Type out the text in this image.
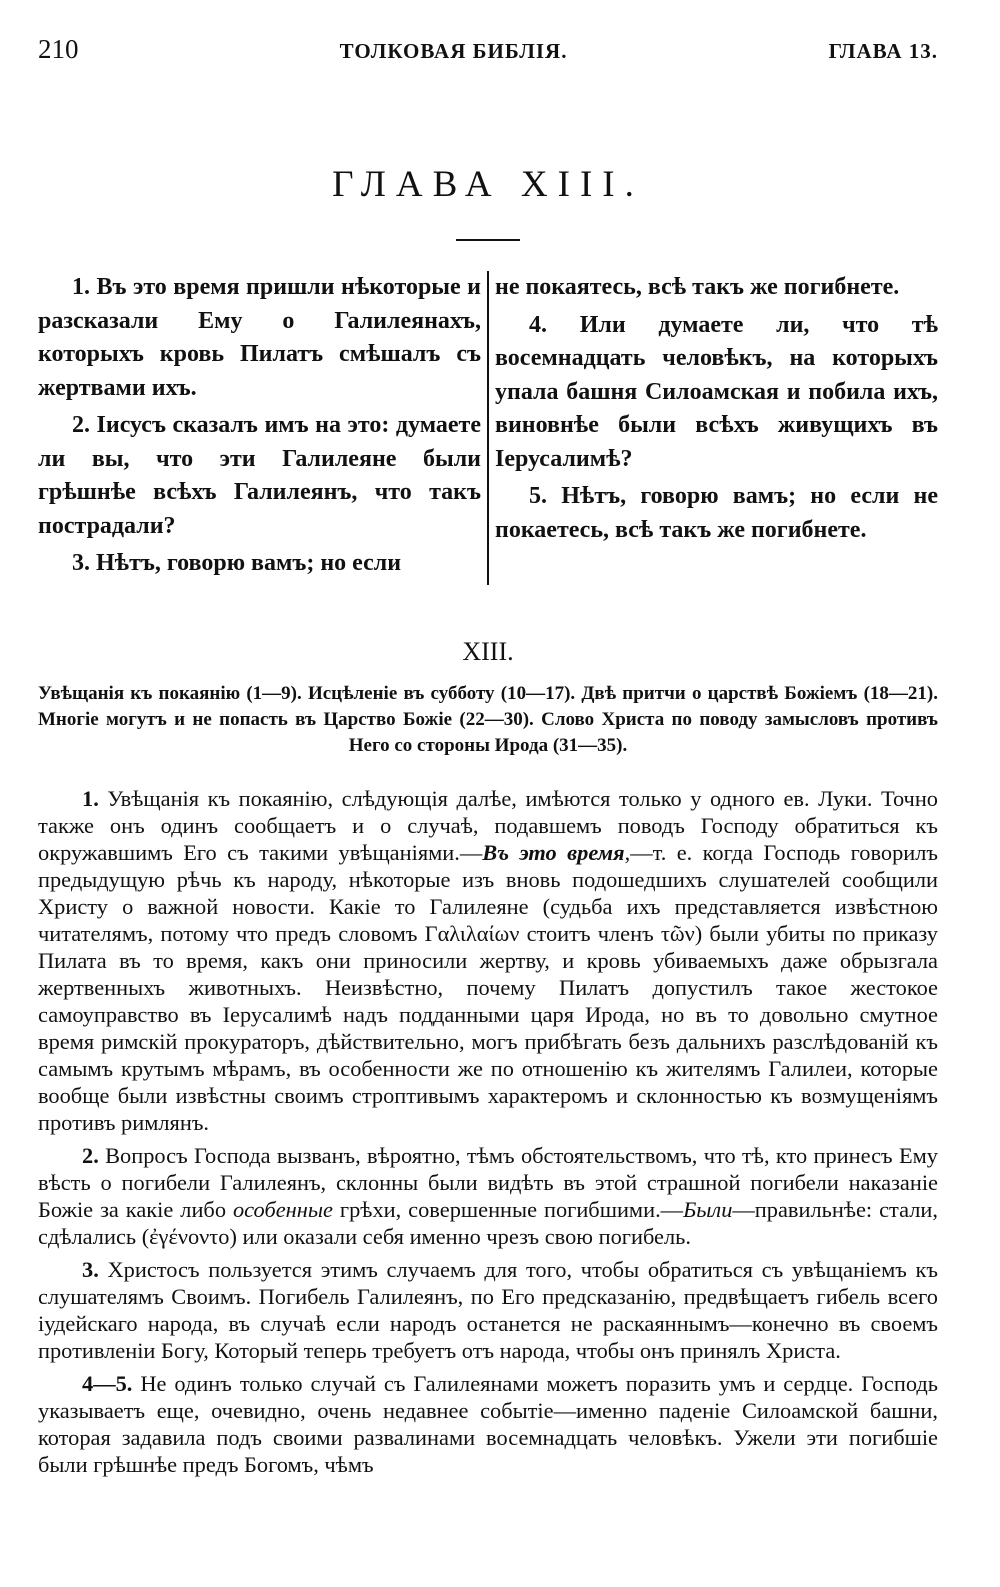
210	ТОЛКОВАЯ БИБЛІЯ.	ГЛАВА 13.
ГЛАВА XIII.

1. Въ это время пришли нѣкоторые и разсказали Ему о Галилеянахъ, которыхъ кровь Пилатъ смѣшалъ съ жертвами ихъ.

2. Іисусъ сказалъ имъ на это: думаете ли вы, что эти Галилеяне были грѣшнѣе всѣхъ Галилеянъ, что такъ пострадали?

3. Нѣтъ, говорю вамъ; но если

не покаятесь, всѣ такъ же погибнете.

4. Или думаете ли, что тѣ восемнадцать человѣкъ, на которыхъ упала башня Силоамская и побила ихъ, виновнѣе были всѣхъ живущихъ въ Іерусалимѣ?

5. Нѣтъ, говорю вамъ; но если не покаетесь, всѣ такъ же погибнете.

XIII.
Увѣщанія къ покаянію (1—9). Исцѣленіе въ субботу (10—17). Двѣ притчи о царствѣ Божіемъ (18—21). Многіе могутъ и не попасть въ Царство Божіе (22—30). Слово Христа по поводу замысловъ противъ Него со стороны Ирода (31—35).

1. Увѣщанія къ покаянію, слѣдующія далѣе, имѣются только у одного ев. Луки. Точно также онъ одинъ сообщаетъ и о случаѣ, подавшемъ поводъ Господу обратиться къ окружавшимъ Его съ такими увѣщаніями.—Въ это время,—т. е. когда Господь говорилъ предыдущую рѣчь къ народу, нѣкоторые изъ вновь подошедшихъ слушателей сообщили Христу о важной новости. Какіе то Галилеяне (судьба ихъ представляется извѣстною читателямъ, потому что предъ словомъ Γαλιλαίων стоитъ членъ τῶν) были убиты по приказу Пилата въ то время, какъ они приносили жертву, и кровь убиваемыхъ даже обрызгала жертвенныхъ животныхъ. Неизвѣстно, почему Пилатъ допустилъ такое жестокое самоуправство въ Іерусалимѣ надъ подданными царя Ирода, но въ то довольно смутное время римскій прокураторъ, дѣйствительно, могъ прибѣгать безъ дальнихъ разслѣдованій къ самымъ крутымъ мѣрамъ, въ особенности же по отношенію къ жителямъ Галилеи, которые вообще были извѣстны своимъ строптивымъ характеромъ и склонностью къ возмущеніямъ противъ римлянъ.

2. Вопросъ Господа вызванъ, вѣроятно, тѣмъ обстоятельствомъ, что тѣ, кто принесъ Ему вѣсть о погибели Галилеянъ, склонны были видѣть въ этой страшной погибели наказаніе Божіе за какіе либо особенные грѣхи, совершенные погибшими.—Были—правильнѣе: стали, сдѣлались (ἐγένοντο) или оказали себя именно чрезъ свою погибель.

3. Христосъ пользуется этимъ случаемъ для того, чтобы обратиться съ увѣщаніемъ къ слушателямъ Своимъ. Погибель Галилеянъ, по Его предсказанію, предвѣщаетъ гибель всего іудейскаго народа, въ случаѣ если народъ останется не раскаяннымъ—конечно въ своемъ противленіи Богу, Который теперь требуетъ отъ народа, чтобы онъ принялъ Христа.

4—5. Не одинъ только случай съ Галилеянами можетъ поразить умъ и сердце. Господь указываетъ еще, очевидно, очень недавнее событіе—именно паденіе Силоамской башни, которая задавила подъ своими развалинами восемнадцать человѣкъ. Ужели эти погибшіе были грѣшнѣе предъ Богомъ, чѣмъ
